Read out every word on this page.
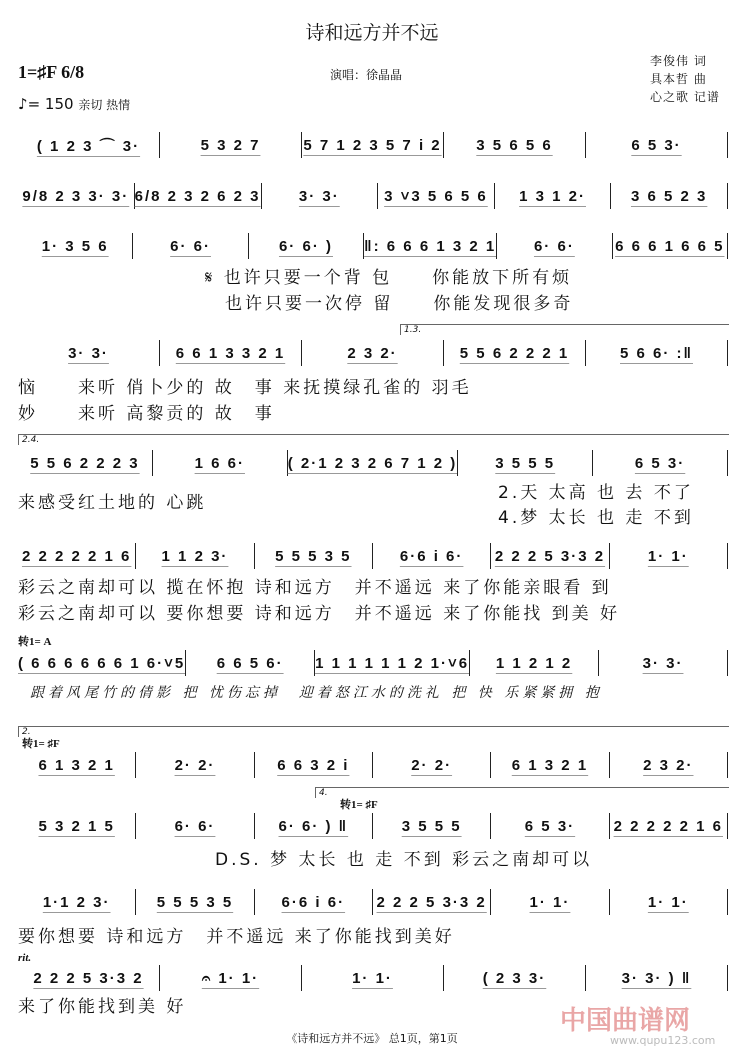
诗和远方并不远
1=♯F 6/8
♪= 150 亲切 热情
演唱：徐晶晶
李俊伟 词
具本哲 曲
心之歌 记谱
( 1 2 3 ⌒ 3·	5 3 2 7	5 7 1 2 3 5 7 i 2	3 5 6 5 6	6 5 3·
9/8 2 3 3· 3· 6/8 2 3 2 6 2 3	3· 3·	3 ˅3 5 6 5 6	1 3 1 2·	3 6 5 2 3
1· 3 5 6	6· 6·	6· 6· )	‖: 6 6 6 1 3 2 1	6· 6·	6 6 6 1 6 6 5
𝄋 也许只要一个背 包　　你能放下所有烦
　也许只要一次停 留　　你能发现很多奇
3· 3·	6 6 1 3 3 2 1	2 3 2·	5 5 6 2 2 2 1	5 6 6· :‖
恼　　来听 俏卜少的 故　事 来抚摸绿孔雀的 羽毛
妙　　来听 高黎贡的 故　事
1.3.
5 5 6 2 2 2 3	1 6 6·	( 2·1 2 3 2 6 7 1 2 )	3 5 5 5	6 5 3·
来感受红土地的 心跳	2.天 太高 也 去 不了
4.梦 太长 也 走 不到
2.4.
2 2 2 2 2 1 6	1 1 2 3·	5 5 5 3 5	6·6 i 6·	2 2 2 5 3·3 2	1· 1·
彩云之南却可以 揽在怀抱 诗和远方　并不遥远 来了你能亲眼看 到
彩云之南却可以 要你想要 诗和远方　并不遥远 来了你能找 到美 好
( 6 6 6 6 6 6 1 6·˅5	6 6 5 6·	1 1 1 1 1 1 2 1·˅6	1 1 2 1 2	3· 3·
跟着风尾竹的倩影 把 忧伤忘掉　迎着怒江水的洗礼 把 快 乐紧紧拥 抱
转1= A
6 1 3 2 1	2· 2·	6 6 3 2 i	2· 2·	6 1 3 2 1	2 3 2·
2.
转1= ♯F
5 3 2 1 5	6· 6·	6· 6· ) ‖	3 5 5 5	6 5 3·	2 2 2 2 2 1 6
D.S. 梦 太长 也 走 不到 彩云之南却可以
4.
转1= ♯F
1·1 2 3·	5 5 5 3 5	6·6 i 6·	2 2 2 5 3·3 2	1· 1·	1· 1·
要你想要 诗和远方　并不遥远 来了你能找到美好
2 2 2 5 3·3 2	𝄐 1· 1·	1· 1·	( 2 3 3·	3· 3· ) ‖
来了你能找到美 好
rit.
《诗和远方并不远》 总1页，第1页
中国曲谱网
www.qupu123.com
